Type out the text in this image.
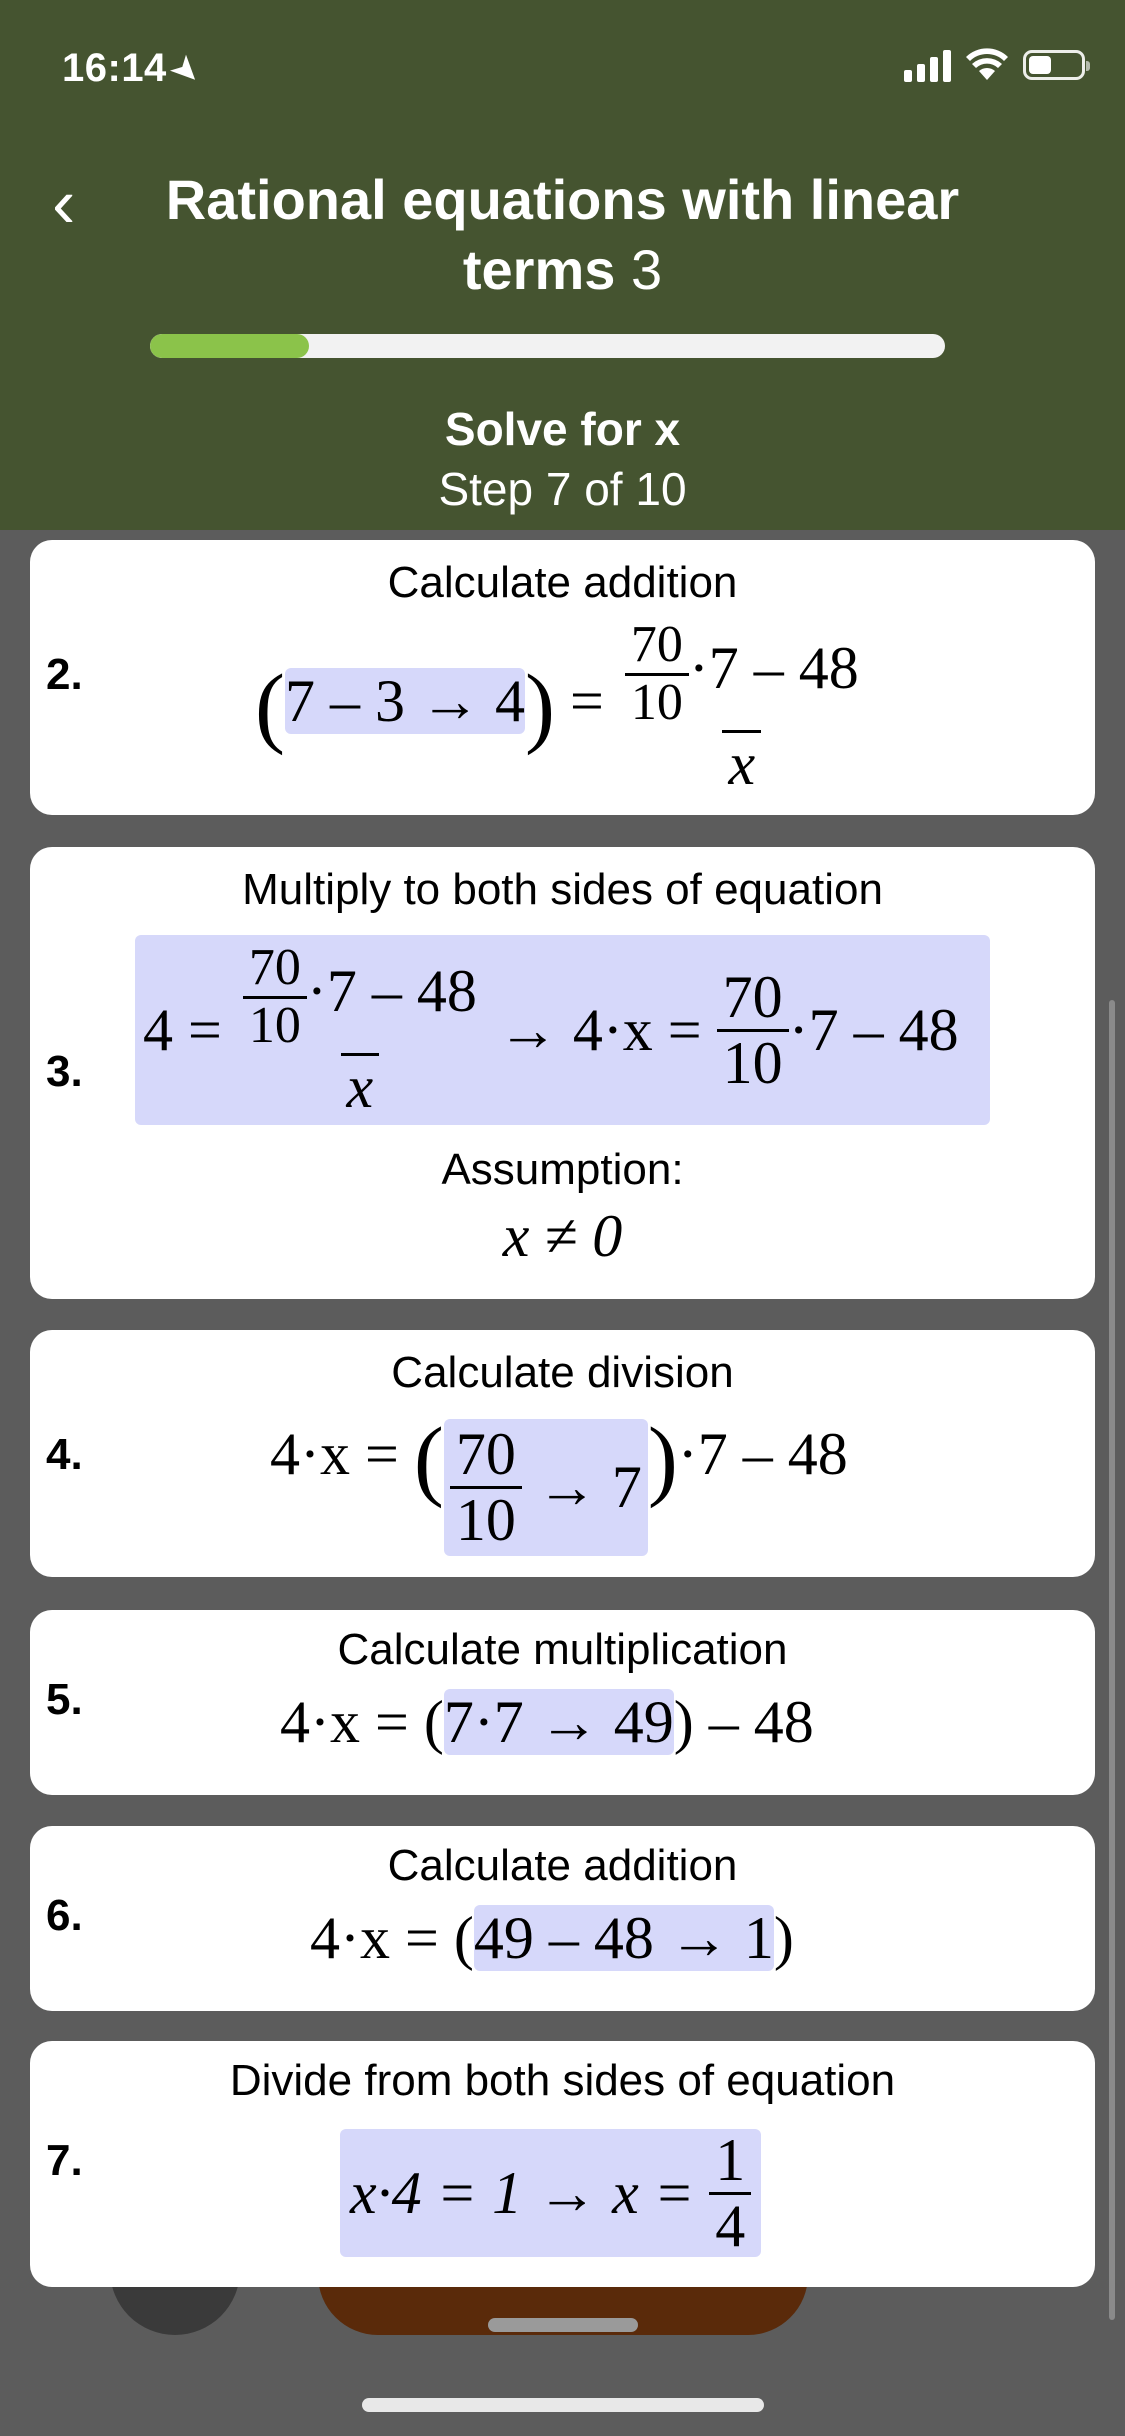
16:14➤
‹ Rational equations with linear terms 3
Solve for x
Step 7 of 10
Calculate addition
2. $(7 - 3 \to 4) = \frac{\frac{70}{10} \cdot 7 - 48}{x}$
Multiply to both sides of equation
3.
4 =
$\frac{\frac{70}{10} \cdot 7 - 48}{x}$
→ 4·x =
$\frac{70}{10} \cdot 7 - 48$
Assumption:
x ≠ 0
Calculate division
4.	4·x = ( $\frac{70}{10}$
→ 7 )·7 – 48
Calculate multiplication
5.	4·x = (7·7 → 49) – 48
Calculate addition
6.	4·x = (49 – 48 → 1)
Divide from both sides of equation
7.	x·4 = 1 → x =
$\frac{1}{4}$
